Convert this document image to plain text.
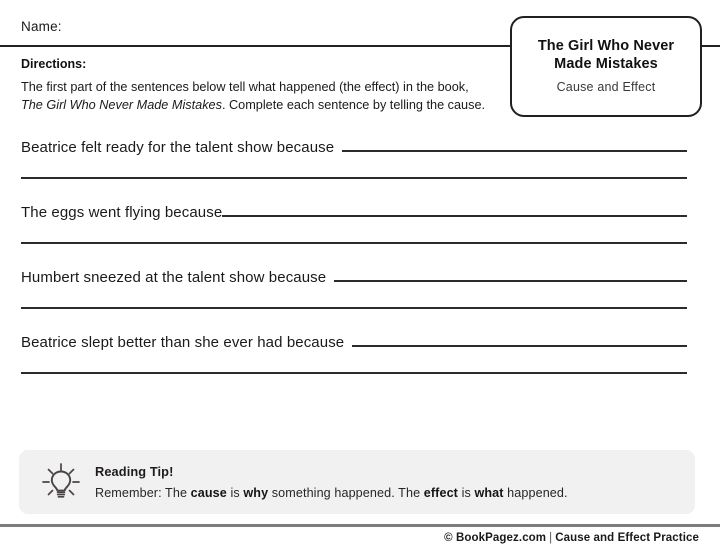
Name:
The Girl Who Never Made Mistakes
Cause and Effect
Directions:
The first part of the sentences below tell what happened (the effect) in the book, The Girl Who Never Made Mistakes. Complete each sentence by telling the cause.
Beatrice felt ready for the talent show because
The eggs went flying because
Humbert sneezed at the talent show because
Beatrice slept better than she ever had because
Reading Tip!
Remember: The cause is why something happened. The effect is what happened.
© BookPagez.com | Cause and Effect Practice
